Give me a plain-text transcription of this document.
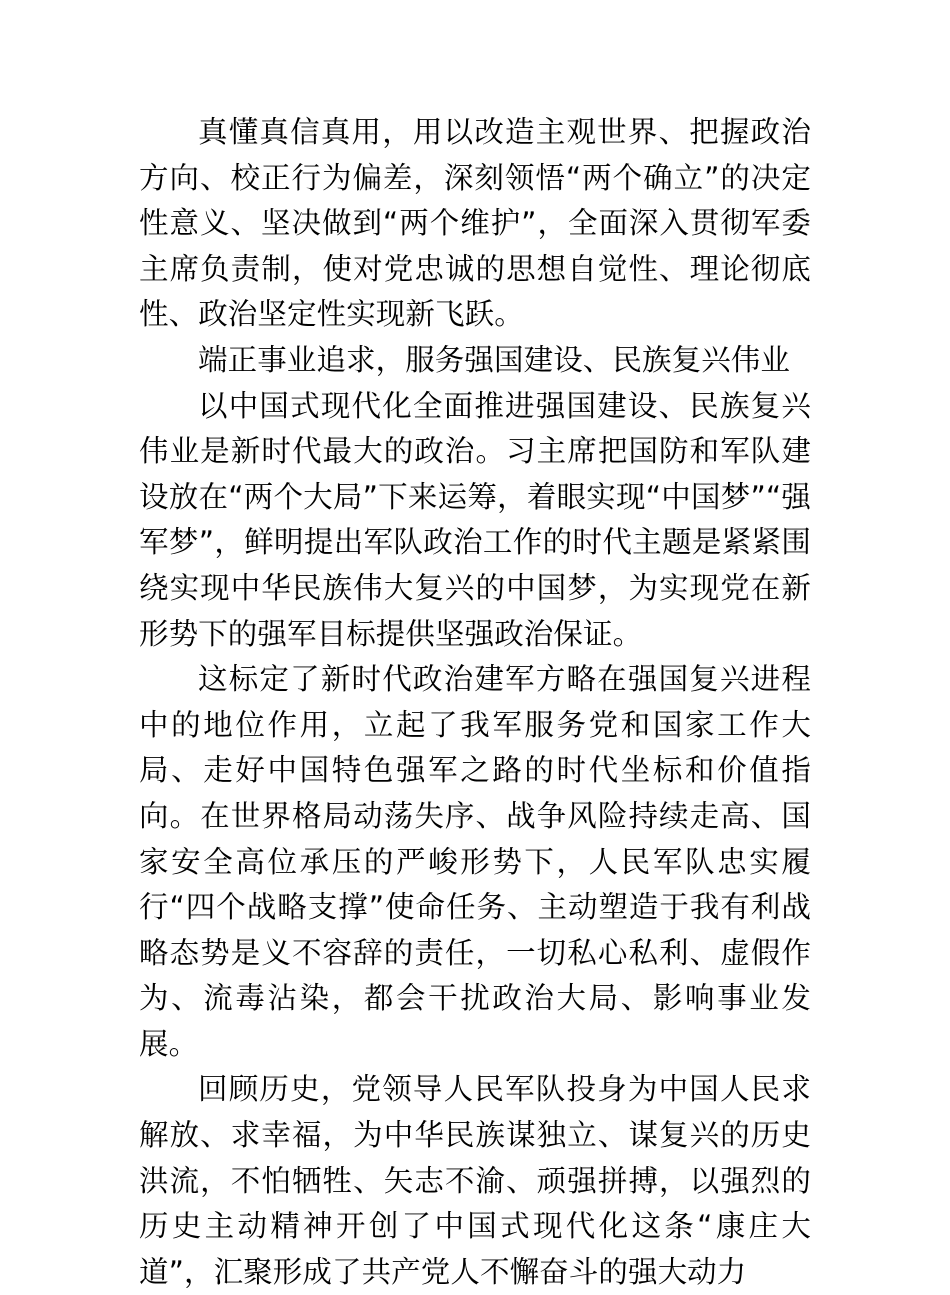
真懂真信真用，用以改造主观世界、把握政治方向、校正行为偏差，深刻领悟“两个确立”的决定性意义、坚决做到“两个维护”，全面深入贯彻军委主席负责制，使对党忠诚的思想自觉性、理论彻底性、政治坚定性实现新飞跃。

端正事业追求，服务强国建设、民族复兴伟业

以中国式现代化全面推进强国建设、民族复兴伟业是新时代最大的政治。习主席把国防和军队建设放在“两个大局”下来运筹，着眼实现“中国梦”“强军梦”，鲜明提出军队政治工作的时代主题是紧紧围绕实现中华民族伟大复兴的中国梦，为实现党在新形势下的强军目标提供坚强政治保证。

这标定了新时代政治建军方略在强国复兴进程中的地位作用，立起了我军服务党和国家工作大局、走好中国特色强军之路的时代坐标和价值指向。在世界格局动荡失序、战争风险持续走高、国家安全高位承压的严峻形势下，人民军队忠实履行“四个战略支撑”使命任务、主动塑造于我有利战略态势是义不容辞的责任，一切私心私利、虚假作为、流毒沾染，都会干扰政治大局、影响事业发展。

回顾历史，党领导人民军队投身为中国人民求解放、求幸福，为中华民族谋独立、谋复兴的历史洪流，不怕牺牲、矢志不渝、顽强拼搏，以强烈的历史主动精神开创了中国式现代化这条“康庄大道”，汇聚形成了共产党人不懈奋斗的强大动力
